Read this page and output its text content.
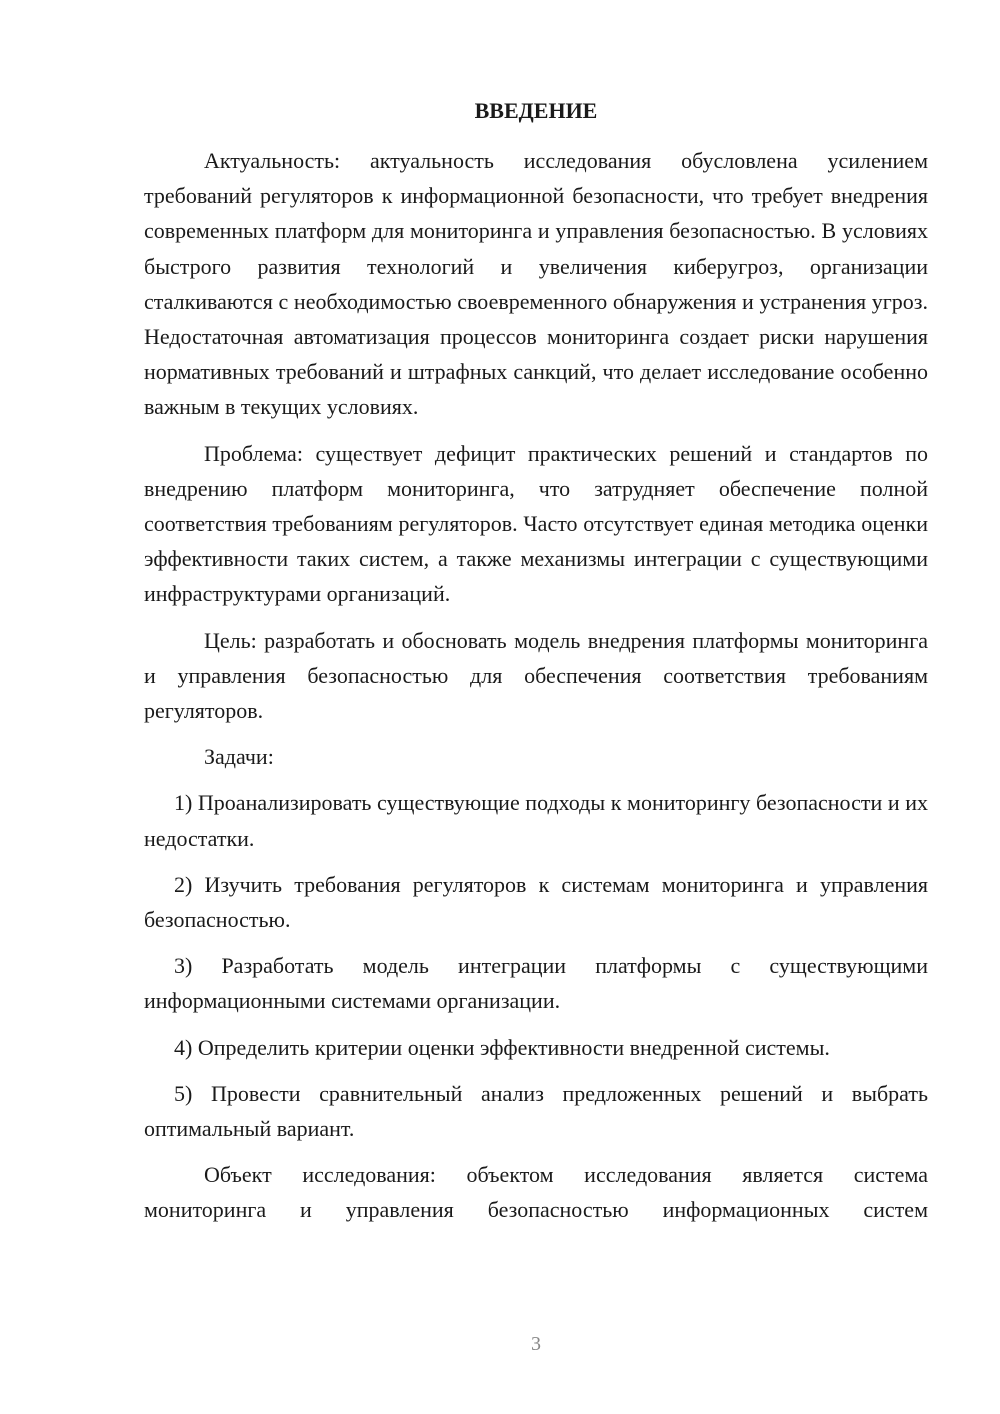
ВВЕДЕНИЕ

Актуальность: актуальность исследования обусловлена усилением требований регуляторов к информационной безопасности, что требует внедрения современных платформ для мониторинга и управления безопасностью. В условиях быстрого развития технологий и увеличения киберугроз, организации сталкиваются с необходимостью своевременного обнаружения и устранения угроз. Недостаточная автоматизация процессов мониторинга создает риски нарушения нормативных требований и штрафных санкций, что делает исследование особенно важным в текущих условиях.

Проблема: существует дефицит практических решений и стандартов по внедрению платформ мониторинга, что затрудняет обеспечение полной соответствия требованиям регуляторов. Часто отсутствует единая методика оценки эффективности таких систем, а также механизмы интеграции с существующими инфраструктурами организаций.

Цель: разработать и обосновать модель внедрения платформы мониторинга и управления безопасностью для обеспечения соответствия требованиям регуляторов.

Задачи:

1) Проанализировать существующие подходы к мониторингу безопасности и их недостатки.

2) Изучить требования регуляторов к системам мониторинга и управления безопасностью.

3) Разработать модель интеграции платформы с существующими информационными системами организации.

4) Определить критерии оценки эффективности внедренной системы.

5) Провести сравнительный анализ предложенных решений и выбрать оптимальный вариант.

Объект исследования: объектом исследования является система мониторинга и управления безопасностью информационных систем

3
